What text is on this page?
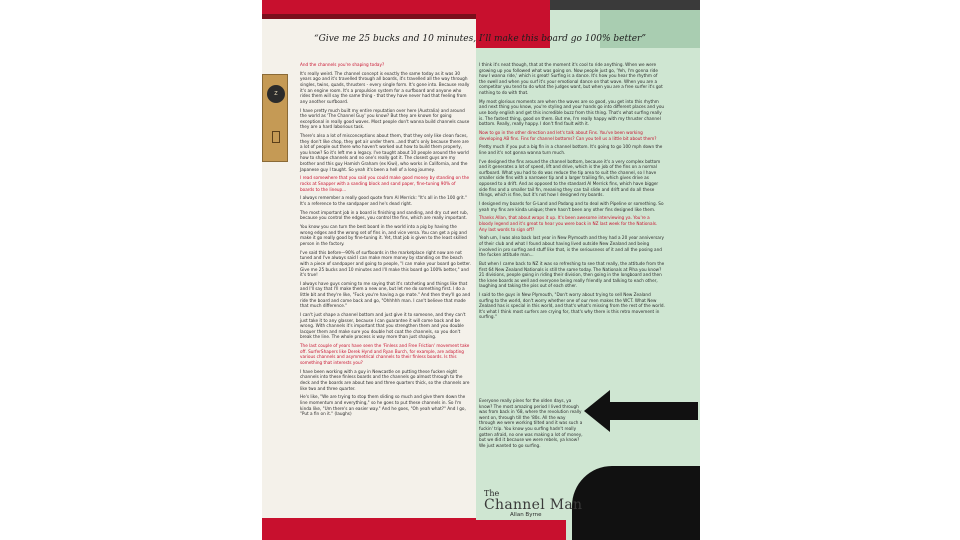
Z
“Give me 25 bucks and 10 minutes, I’ll make this board go 100% better”

And the channels you're shaping today?

It's really weird. The channel concept is exactly the same today as it was 30 years ago and it's travelled through all boards, it's travelled all the way through singles, twins, quads, thrusters - every single form. It's gone into. Because really it's an engine room. It's a propulsion system for a surfboard and anyone who rides them will say the same thing - that they have never had that feeling from any another surfboard.

I have pretty much built my entire reputation over here (Australia) and around the world as 'The Channel Guy' you know? But they are known for going exceptional in really good waves. Most people don't wanna build channels cause they are a hard laborious task.

There's also a lot of misconceptions about them, that they only like clean faces, they don't like chop, they get air under them...and that's only because there are a lot of people out there who haven't worked out how to build them properly, you know? So it's left me a legacy. I've taught about 10 people around the world how to shape channels and no one's really got it. The closest guys are my brother and this guy Hamish Graham (ex Kiwi), who works in California, and the Japanese guy I taught. So yeah it's been a hell of a long journey.

I read somewhere that you said you could make good money by standing on the rocks at Snapper with a sanding block and sand paper, fine-tuning 90% of boards to the lineup...

I always remember a really good quote from Al Merrick: "It's all in the 100 grit." It's a reference to the sandpaper and he's dead right.

The most important job in a board is finishing and sanding, and dry cut wet rub, because you control the edges, you control the fins, which are really important.

You know you can turn the best board in the world into a pig by having the wrong edges and the wrong set of fins in, and vice versa. You can get a pig and make it go really good by fine-tuning it. Yet, that job is given to the least skilled person in the factory.

I've said this before—90% of surfboards in the marketplace right now are not tuned and I've always said I can make more money by standing on the beach with a piece of sandpaper and going to people, "I can make your board go better. Give me 25 bucks and 10 minutes and I'll make this board go 100% better," and it's true!

I always have guys coming to me saying that it's ratcheting and things like that and I'll say that I'll make them a new one, but let me do something first. I do a little bit and they're like, "Fuck you're having a go mate." And then they'll go and ride the board and come back and go, "Ohhhhh man. I can't believe that made that much difference."

I can't just shape a channel bottom and just give it to someone, and they can't just take it to any glasser, because I can guarantee it will come back and be wrong. With channels it's important that you strengthen them and you double lacquer them and make sure you double hot coat the channels, so you don't break the line. The whole process is way more than just shaping.

The last couple of years have seen the 'Finless and Free Friction' movement take off. SurferShapers like Derek Hynd and Ryan Burch, for example, are adapting various channels and asymmetrical channels to their finless boards. Is this something that interests you?

I have been working with a guy in Newcastle on putting these fucken eight channels into these finless boards and the channels go almost through to the deck and the boards are about two and three quarters thick, so the channels are like two and three quarter.

He's like, "We are trying to stop them sliding so much and give them down the line momentum and everything," so he goes to put these channels in. So I'm kinda like, "Um there's an easier way." And he goes, "Oh yeah what?" And I go, "Put a fin on it." (laughs)

I think it's neat though, that at the moment it's cool to ride anything. When we were growing up you followed what was going on. Now people just go, 'Yeh, I'm gonna ride how I wanna ride,' which is great! Surfing is a dance. It's how you hear the rhythm of the swell and when you surf it's your emotional dance on that wave. When you are a competitor you tend to do what the judges want, but when you are a free surfer it's got nothing to do with that.

My most glorious moments are when the waves are so good, you get into this rhythm and next thing you know, you're styling and your hands go into different places and you use body english and get this incredible buzz from this thing. That's what surfing really is. The fastest thing, good on them. But me, I'm really happy with my thruster channel bottom. Really, really happy. I don't find fault with it.

Now to go in the other direction and let's talk about Fins. You've been working developing AB fins. Fins for channel bottoms? Can you tell us a little bit about them?

Pretty much if you put a big fin in a channel bottom. It's going to go 100 mph down the line and it's not gonna wanna turn much.

I've designed the fins around the channel bottom, because it's a very complex bottom and it generates a lot of speed, lift and drive, which is the job of the fins on a normal surfboard. What you had to do was reduce the tip area to suit the channel, so I have smaller side fins with a narrower tip and a larger trailing fin, which gives drive as opposed to a drift. And as opposed to the standard Al Merrick fins, which have bigger side fins and a smaller tail fin, meaning they can tail slide and drift and do all these things, which is fine, but it's not how I designed my boards.

I designed my boards for G-Land and Padang and to deal with Pipeline or something. So yeah my fins are kinda unique; there hasn't been any other fins designed like them.

Thanks Allan, that about wraps it up. It's been awesome interviewing ya. You're a bloody legend and it's great to hear you were back in NZ last week for the Nationals. Any last words to sign off?

Yeah um, I was also back last year in New Plymouth and they had a 20 year anniversary of their club and what I found about having lived outside New Zealand and being involved in pro surfing and stuff like that, is the seriousness of it and all the posing and the fucken attitude man...

But when I came back to NZ it was so refreshing to see that really, the attitude from the first 64 New Zealand Nationals is still the same today. The Nationals at Piha you know? 21 divisions, people going in riding their division, then going in the longboard and then the knee boards as well and everyone being really friendly and talking to each other, laughing and taking the piss out of each other.

I said to the guys in New Plymouth, "Don't worry about trying to sell New Zealand surfing to the world, don't worry whether one of our men makes the WCT. What New Zealand has is special in this world, and that's what's missing from the rest of the world. It's what I think most surfers are crying for, that's why there is this retro movement in surfing."

Everyone really pines for the olden days, ya know? The most amazing period I lived through was from back in '68, where the revolution really went on, through till the '80s. All the way through we were working tilted and it was such a fuckin' trip. You know you surfing hadn't really gotten afraid, no one was making a lot of money, but we did it because we were rebels, ya know? We just wanted to go surfing.
The
Channel Man
Allan Byrne
